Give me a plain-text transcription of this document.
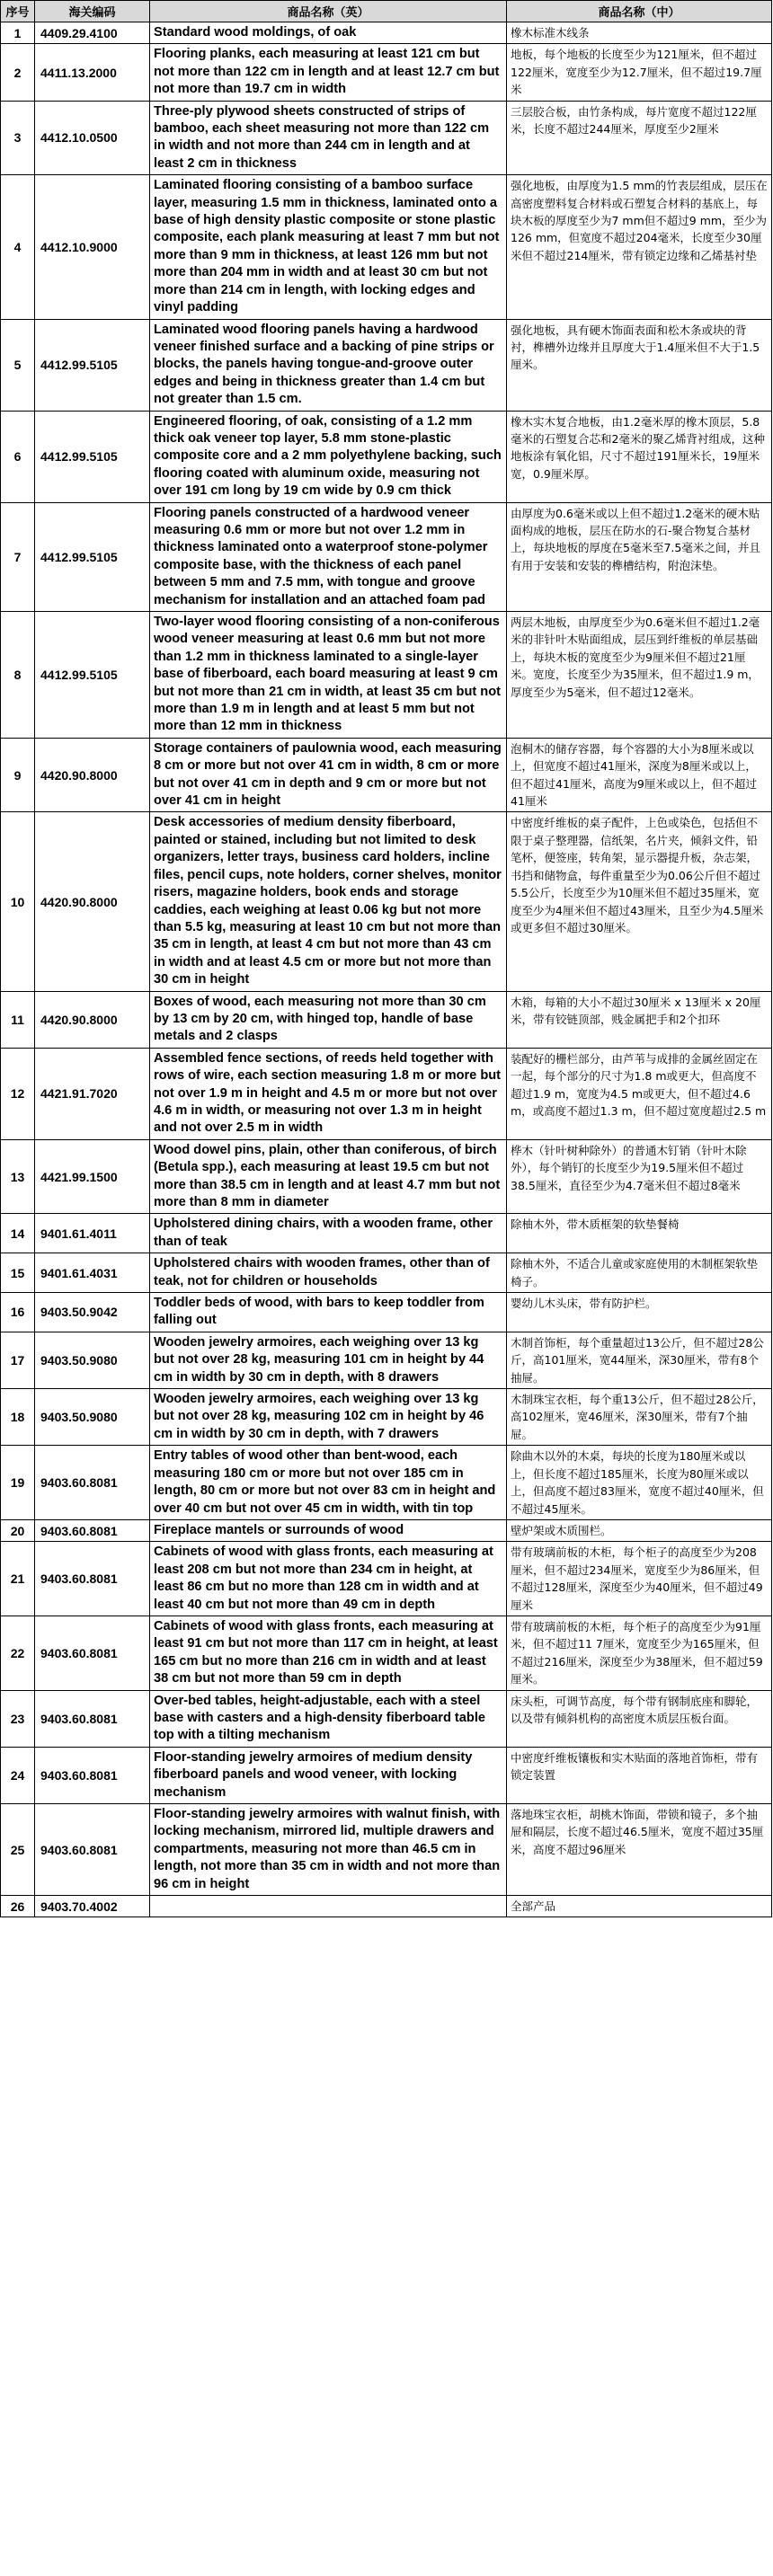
序号	海关编码	商品名称（英）	商品名称（中）
1	4409.29.4100	Standard wood moldings, of oak	橡木标准木线条
2	4411.13.2000	Flooring planks, each measuring at least 121 cm but not more than 122 cm in length and at least 12.7 cm but not more than 19.7 cm in width	地板，每个地板的长度至少为121厘米，但不超过122厘米，宽度至少为12.7厘米，但不超过19.7厘米
3	4412.10.0500	Three-ply plywood sheets constructed of strips of bamboo, each sheet measuring not more than 122 cm in width and not more than 244 cm in length and at least 2 cm in thickness	三层胶合板，由竹条构成，每片宽度不超过122厘米，长度不超过244厘米，厚度至少2厘米
4	4412.10.9000	Laminated flooring consisting of a bamboo surface layer, measuring 1.5 mm in thickness, laminated onto a base of high density plastic composite or stone plastic composite, each plank measuring at least 7 mm but not more than 9 mm in thickness, at least 126 mm but not more than 204 mm in width and at least 30 cm but not more than 214 cm in length, with locking edges and vinyl padding	强化地板，由厚度为1.5 mm的竹表层组成，层压在高密度塑料复合材料或石塑复合材料的基底上，每块木板的厚度至少为7 mm但不超过9 mm，至少为126 mm，但宽度不超过204毫米，长度至少30厘米但不超过214厘米，带有锁定边缘和乙烯基衬垫
5	4412.99.5105	Laminated wood flooring panels having a hardwood veneer finished surface and a backing of pine strips or blocks, the panels having tongue-and-groove outer edges and being in thickness greater than 1.4 cm but not greater than 1.5 cm.	强化地板，具有硬木饰面表面和松木条或块的背衬，榫槽外边缘并且厚度大于1.4厘米但不大于1.5厘米。
6	4412.99.5105	Engineered flooring, of oak, consisting of a 1.2 mm thick oak veneer top layer, 5.8 mm stone-plastic composite core and a 2 mm polyethylene backing, such flooring coated with aluminum oxide, measuring not over 191 cm long by 19 cm wide by 0.9 cm thick	橡木实木复合地板，由1.2毫米厚的橡木顶层，5.8毫米的石塑复合芯和2毫米的聚乙烯背衬组成，这种地板涂有氧化铝，尺寸不超过191厘米长，19厘米宽，0.9厘米厚。
7	4412.99.5105	Flooring panels constructed of a hardwood veneer measuring 0.6 mm or more but not over 1.2 mm in thickness laminated onto a waterproof stone-polymer composite base, with the thickness of each panel between 5 mm and 7.5 mm, with tongue and groove mechanism for installation and an attached foam pad	由厚度为0.6毫米或以上但不超过1.2毫米的硬木贴面构成的地板，层压在防水的石-聚合物复合基材上，每块地板的厚度在5毫米至7.5毫米之间，并且有用于安装和安装的榫槽结构，附泡沫垫。
8	4412.99.5105	Two-layer wood flooring consisting of a non-coniferous wood veneer measuring at least 0.6 mm but not more than 1.2 mm in thickness laminated to a single-layer base of fiberboard, each board measuring at least 9 cm but not more than 21 cm in width, at least 35 cm but not more than 1.9 m in length and at least 5 mm but not more than 12 mm in thickness	两层木地板，由厚度至少为0.6毫米但不超过1.2毫米的非针叶木贴面组成，层压到纤维板的单层基础上，每块木板的宽度至少为9厘米但不超过21厘米。宽度，长度至少为35厘米，但不超过1.9 m，厚度至少为5毫米，但不超过12毫米。
9	4420.90.8000	Storage containers of paulownia wood, each measuring 8 cm or more but not over 41 cm in width, 8 cm or more but not over 41 cm in depth and 9 cm or more but not over 41 cm in height	泡桐木的储存容器，每个容器的大小为8厘米或以上，但宽度不超过41厘米，深度为8厘米或以上，但不超过41厘米，高度为9厘米或以上，但不超过41厘米
10	4420.90.8000	Desk accessories of medium density fiberboard, painted or stained, including but not limited to desk organizers, letter trays, business card holders, incline files, pencil cups, note holders, corner shelves, monitor risers, magazine holders, book ends and storage caddies, each weighing at least 0.06 kg but not more than 5.5 kg, measuring at least 10 cm but not more than 35 cm in length, at least 4 cm but not more than 43 cm in width and at least 4.5 cm or more but not more than 30 cm in height	中密度纤维板的桌子配件，上色或染色，包括但不限于桌子整理器，信纸架，名片夹，倾斜文件，铅笔杯，便签座，转角架，显示器提升板，杂志架，书挡和储物盒，每件重量至少为0.06公斤但不超过5.5公斤，长度至少为10厘米但不超过35厘米，宽度至少为4厘米但不超过43厘米，且至少为4.5厘米或更多但不超过30厘米。
11	4420.90.8000	Boxes of wood, each measuring not more than 30 cm by 13 cm by 20 cm, with hinged top, handle of base metals and 2 clasps	木箱，每箱的大小不超过30厘米 x 13厘米 x 20厘米，带有铰链顶部，贱金属把手和2个扣环
12	4421.91.7020	Assembled fence sections, of reeds held together with rows of wire, each section measuring 1.8 m or more but not over 1.9 m in height and 4.5 m or more but not over 4.6 m in width, or measuring not over 1.3 m in height and not over 2.5 m in width	装配好的栅栏部分，由芦苇与成排的金属丝固定在一起，每个部分的尺寸为1.8 m或更大，但高度不超过1.9 m，宽度为4.5 m或更大，但不超过4.6 m，或高度不超过1.3 m，但不超过宽度超过2.5 m
13	4421.99.1500	Wood dowel pins, plain, other than coniferous, of birch (Betula spp.), each measuring at least 19.5 cm but not more than 38.5 cm in length and at least 4.7 mm but not more than 8 mm in diameter	桦木（针叶树种除外）的普通木钉销（针叶木除外），每个销钉的长度至少为19.5厘米但不超过38.5厘米，直径至少为4.7毫米但不超过8毫米
14	9401.61.4011	Upholstered dining chairs, with a wooden frame, other than of teak	除柚木外，带木质框架的软垫餐椅
15	9401.61.4031	Upholstered chairs with wooden frames, other than of teak, not for children or households	除柚木外，不适合儿童或家庭使用的木制框架软垫椅子。
16	9403.50.9042	Toddler beds of wood, with bars to keep toddler from falling out	婴幼儿木头床，带有防护栏。
17	9403.50.9080	Wooden jewelry armoires, each weighing over 13 kg but not over 28 kg, measuring 101 cm in height by 44 cm in width by 30 cm in depth, with 8 drawers	木制首饰柜，每个重量超过13公斤，但不超过28公斤，高101厘米，宽44厘米，深30厘米，带有8个抽屉。
18	9403.50.9080	Wooden jewelry armoires, each weighing over 13 kg but not over 28 kg, measuring 102 cm in height by 46 cm in width by 30 cm in depth, with 7 drawers	木制珠宝衣柜，每个重13公斤，但不超过28公斤，高102厘米，宽46厘米，深30厘米，带有7个抽屉。
19	9403.60.8081	Entry tables of wood other than bent-wood, each measuring 180 cm or more but not over 185 cm in length, 80 cm or more but not over 83 cm in height and over 40 cm but not over 45 cm in width, with tin top	除曲木以外的木桌，每块的长度为180厘米或以上，但长度不超过185厘米，长度为80厘米或以上，但高度不超过83厘米，宽度不超过40厘米，但不超过45厘米。
20	9403.60.8081	Fireplace mantels or surrounds of wood	壁炉架或木质围栏。
21	9403.60.8081	Cabinets of wood with glass fronts, each measuring at least 208 cm but not more than 234 cm in height, at least 86 cm but no more than 128 cm in width and at least 40 cm but not more than 49 cm in depth	带有玻璃前板的木柜，每个柜子的高度至少为208厘米，但不超过234厘米，宽度至少为86厘米，但不超过128厘米，深度至少为40厘米，但不超过49厘米
22	9403.60.8081	Cabinets of wood with glass fronts, each measuring at least 91 cm but not more than 117 cm in height, at least 165 cm but no more than 216 cm in width and at least 38 cm but not more than 59 cm in depth	带有玻璃前板的木柜，每个柜子的高度至少为91厘米，但不超过11 7厘米，宽度至少为165厘米，但不超过216厘米，深度至少为38厘米，但不超过59厘米。
23	9403.60.8081	Over-bed tables, height-adjustable, each with a steel base with casters and a high-density fiberboard table top with a tilting mechanism	床头柜，可调节高度，每个带有钢制底座和脚轮，以及带有倾斜机构的高密度木质层压板台面。
24	9403.60.8081	Floor-standing jewelry armoires of medium density fiberboard panels and wood veneer, with locking mechanism	中密度纤维板镶板和实木贴面的落地首饰柜，带有锁定装置
25	9403.60.8081	Floor-standing jewelry armoires with walnut finish, with locking mechanism, mirrored lid, multiple drawers and compartments, measuring not more than 46.5 cm in length, not more than 35 cm in width and not more than 96 cm in height	落地珠宝衣柜，胡桃木饰面，带锁和镜子，多个抽屉和隔层，长度不超过46.5厘米，宽度不超过35厘米，高度不超过96厘米
26	9403.70.4002		全部产品
